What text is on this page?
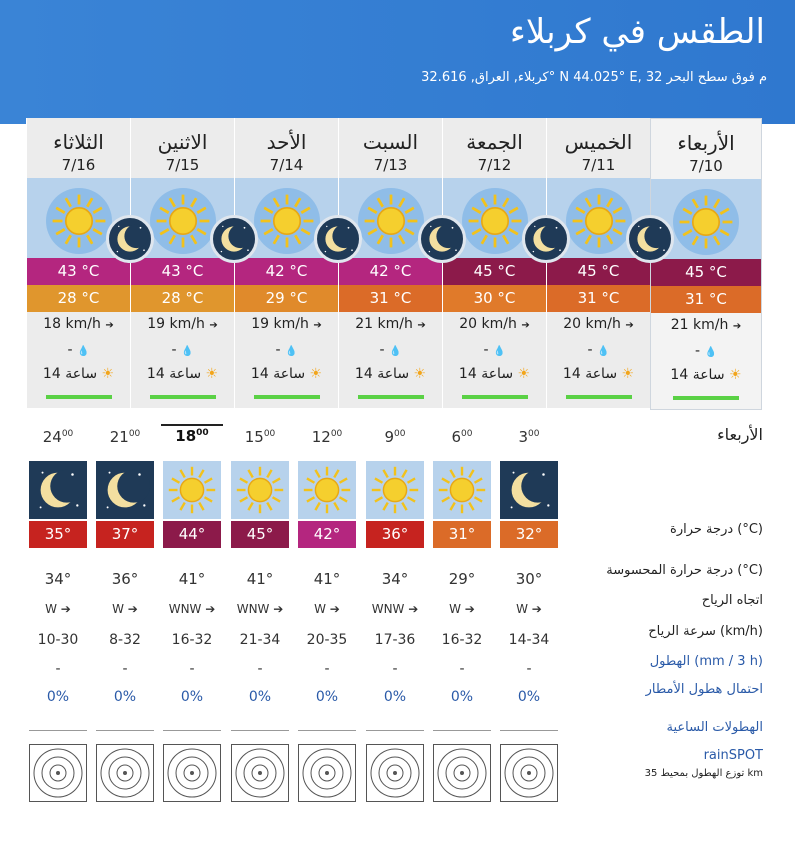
الطقس في كربلاء
كربلاء, العراق, 32.616° N 44.025° E, 32 م فوق سطح البحر
الثلاثاء
7/16
43 °C
28 °C
18 km/h ➔
- 💧
14 ساعة ☀
الاثنين
7/15
43 °C
28 °C
19 km/h ➔
- 💧
14 ساعة ☀
الأحد
7/14
42 °C
29 °C
19 km/h ➔
- 💧
14 ساعة ☀
السبت
7/13
42 °C
31 °C
21 km/h ➔
- 💧
14 ساعة ☀
الجمعة
7/12
45 °C
30 °C
20 km/h ➔
- 💧
14 ساعة ☀
الخميس
7/11
45 °C
31 °C
20 km/h ➔
- 💧
14 ساعة ☀
الأربعاء
7/10
45 °C
31 °C
21 km/h ➔
- 💧
14 ساعة ☀
الأربعاء
$24^{00}$
35°
34°
W ➔
10-30
-
0%
$21^{00}$
37°
36°
W ➔
8-32
-
0%
$18^{00}$
44°
41°
WNW ➔
16-32
-
0%
$15^{00}$
45°
41°
WNW ➔
21-34
-
0%
$12^{00}$
42°
41°
W ➔
20-35
-
0%
$9^{00}$
36°
34°
WNW ➔
17-36
-
0%
$6^{00}$
31°
29°
W ➔
16-32
-
0%
$3^{00}$
32°
30°
W ➔
14-34
-
0%
درجة حرارة (°C)
درجة حرارة المحسوسة (°C)
اتجاه الرياح
سرعة الرياح (km/h)
الهطول (mm / 3 h)
احتمال هطول الأمطار
الهطولات الساعية
rainSPOT
توزع الهطول بمحيط 35 km
